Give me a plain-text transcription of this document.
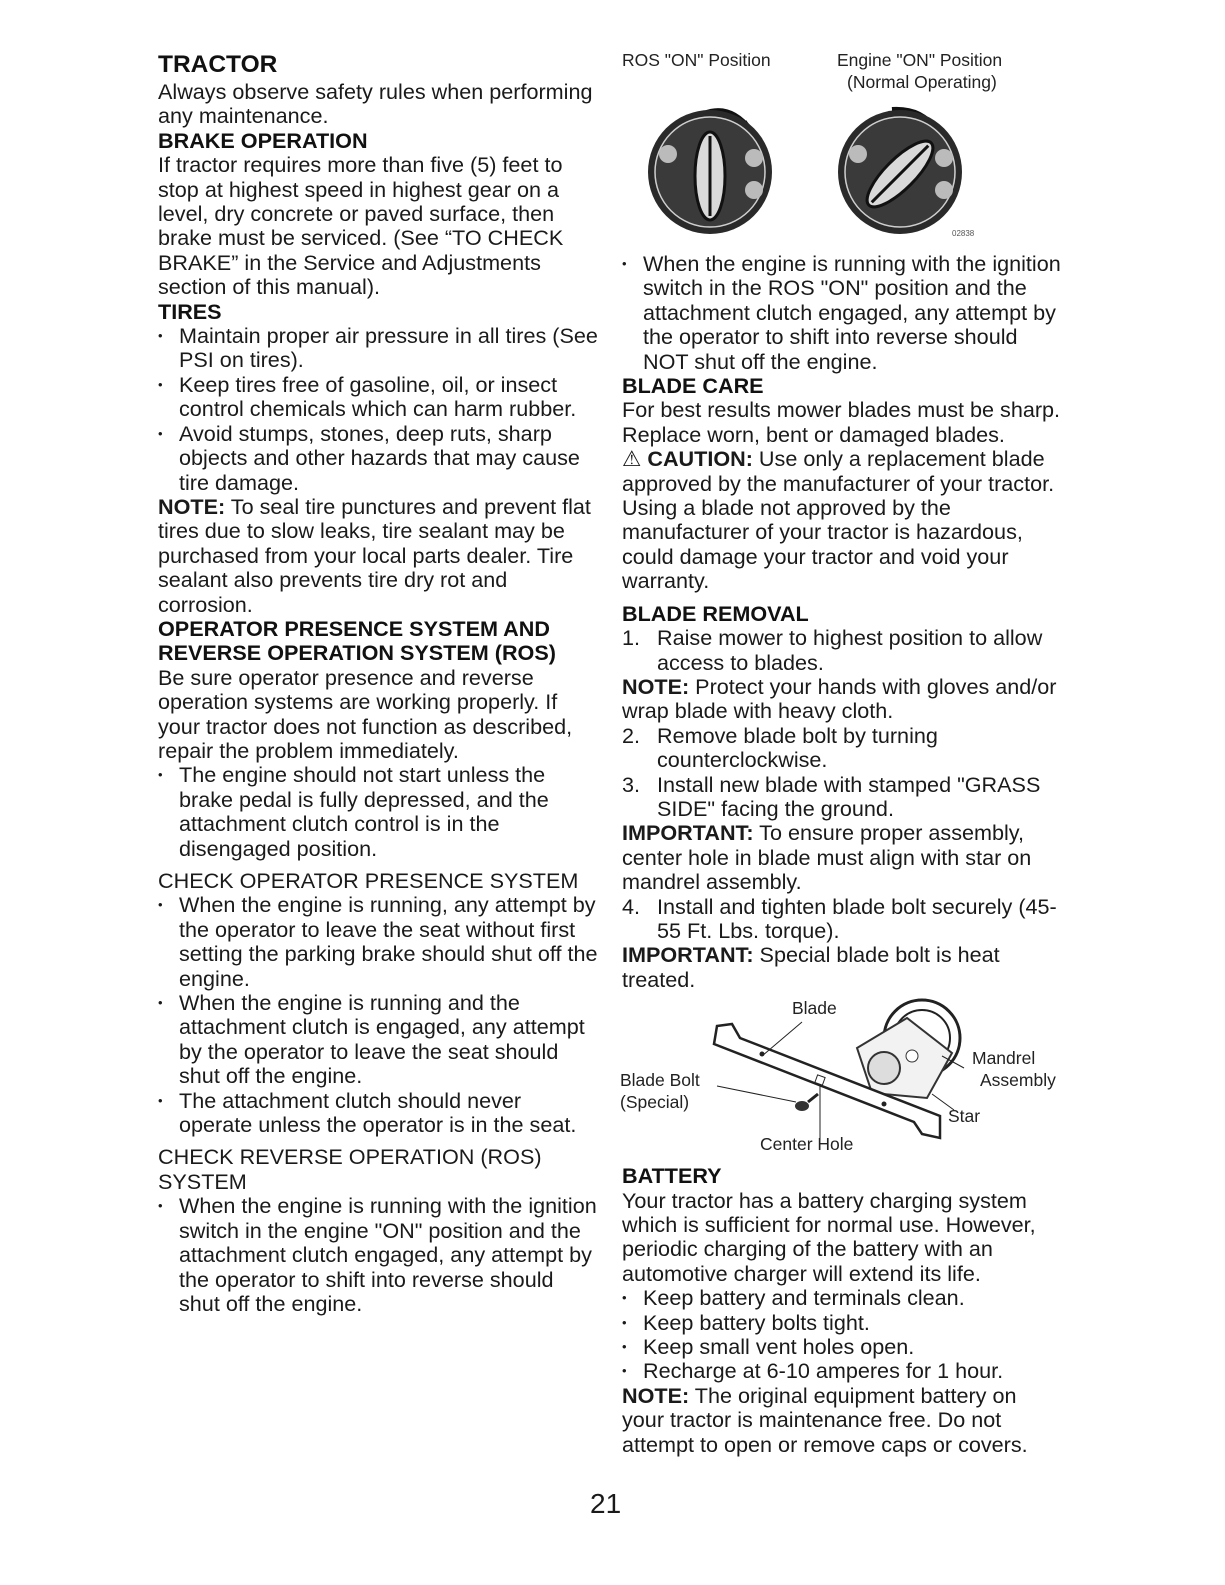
TRACTOR

Always observe safety rules when performing any maintenance.

BRAKE OPERATION

If tractor requires more than five (5) feet to stop at highest speed in highest gear on a level, dry concrete or paved surface, then brake must be serviced. (See “TO CHECK BRAKE” in the Service and Adjustments section of this manual).

TIRES
• Maintain proper air pressure in all tires (See PSI on tires).
• Keep tires free of gasoline, oil, or insect control chemicals which can harm rubber.
• Avoid stumps, stones, deep ruts, sharp objects and other hazards that may cause tire damage.

NOTE: To seal tire punctures and prevent flat tires due to slow leaks, tire sealant may be purchased from your local parts dealer. Tire sealant also prevents tire dry rot and corrosion.

OPERATOR PRESENCE SYSTEM AND REVERSE OPERATION SYSTEM (ROS)

Be sure operator presence and reverse operation systems are working properly. If your tractor does not function as described, repair the problem immediately.

• The engine should not start unless the brake pedal is fully depressed, and the attachment clutch control is in the disengaged position.

CHECK OPERATOR PRESENCE SYSTEM

• When the engine is running, any attempt by the operator to leave the seat without first setting the parking brake should shut off the engine.
• When the engine is running and the attachment clutch is engaged, any attempt by the operator to leave the seat should shut off the engine.
• The attachment clutch should never operate unless the operator is in the seat.

CHECK REVERSE OPERATION (ROS) SYSTEM

• When the engine is running with the ignition switch in the engine "ON" position and the attachment clutch engaged, any attempt by the operator to shift into reverse should shut off the engine.
ROS "ON" Position	Engine "ON" Position
(Normal Operating)
02838
• When the engine is running with the ignition switch in the ROS "ON" position and the attachment clutch engaged, any attempt by the operator to shift into reverse should NOT shut off the engine.
BLADE CARE

For best results mower blades must be sharp. Replace worn, bent or damaged blades.

⚠ CAUTION: Use only a replacement blade approved by the manufacturer of your tractor. Using a blade not approved by the manufacturer of your tractor is hazardous, could damage your tractor and void your warranty.

BLADE REMOVAL
1. Raise mower to highest position to allow access to blades.

NOTE: Protect your hands with gloves and/or wrap blade with heavy cloth.

2. Remove blade bolt by turning counterclockwise.
3. Install new blade with stamped "GRASS SIDE" facing the ground.

IMPORTANT: To ensure proper assembly, center hole in blade must align with star on mandrel assembly.

4. Install and tighten blade bolt securely (45-55 Ft. Lbs. torque).

IMPORTANT: Special blade bolt is heat treated.

Blade
Mandrel
Assembly
Blade Bolt
(Special)
Star
Center Hole
BATTERY

Your tractor has a battery charging system which is sufficient for normal use. However, periodic charging of the battery with an automotive charger will extend its life.

• Keep battery and terminals clean.
• Keep battery bolts tight.
• Keep small vent holes open.
• Recharge at 6-10 amperes for 1 hour.

NOTE: The original equipment battery on your tractor is maintenance free. Do not attempt to open or remove caps or covers.

21
